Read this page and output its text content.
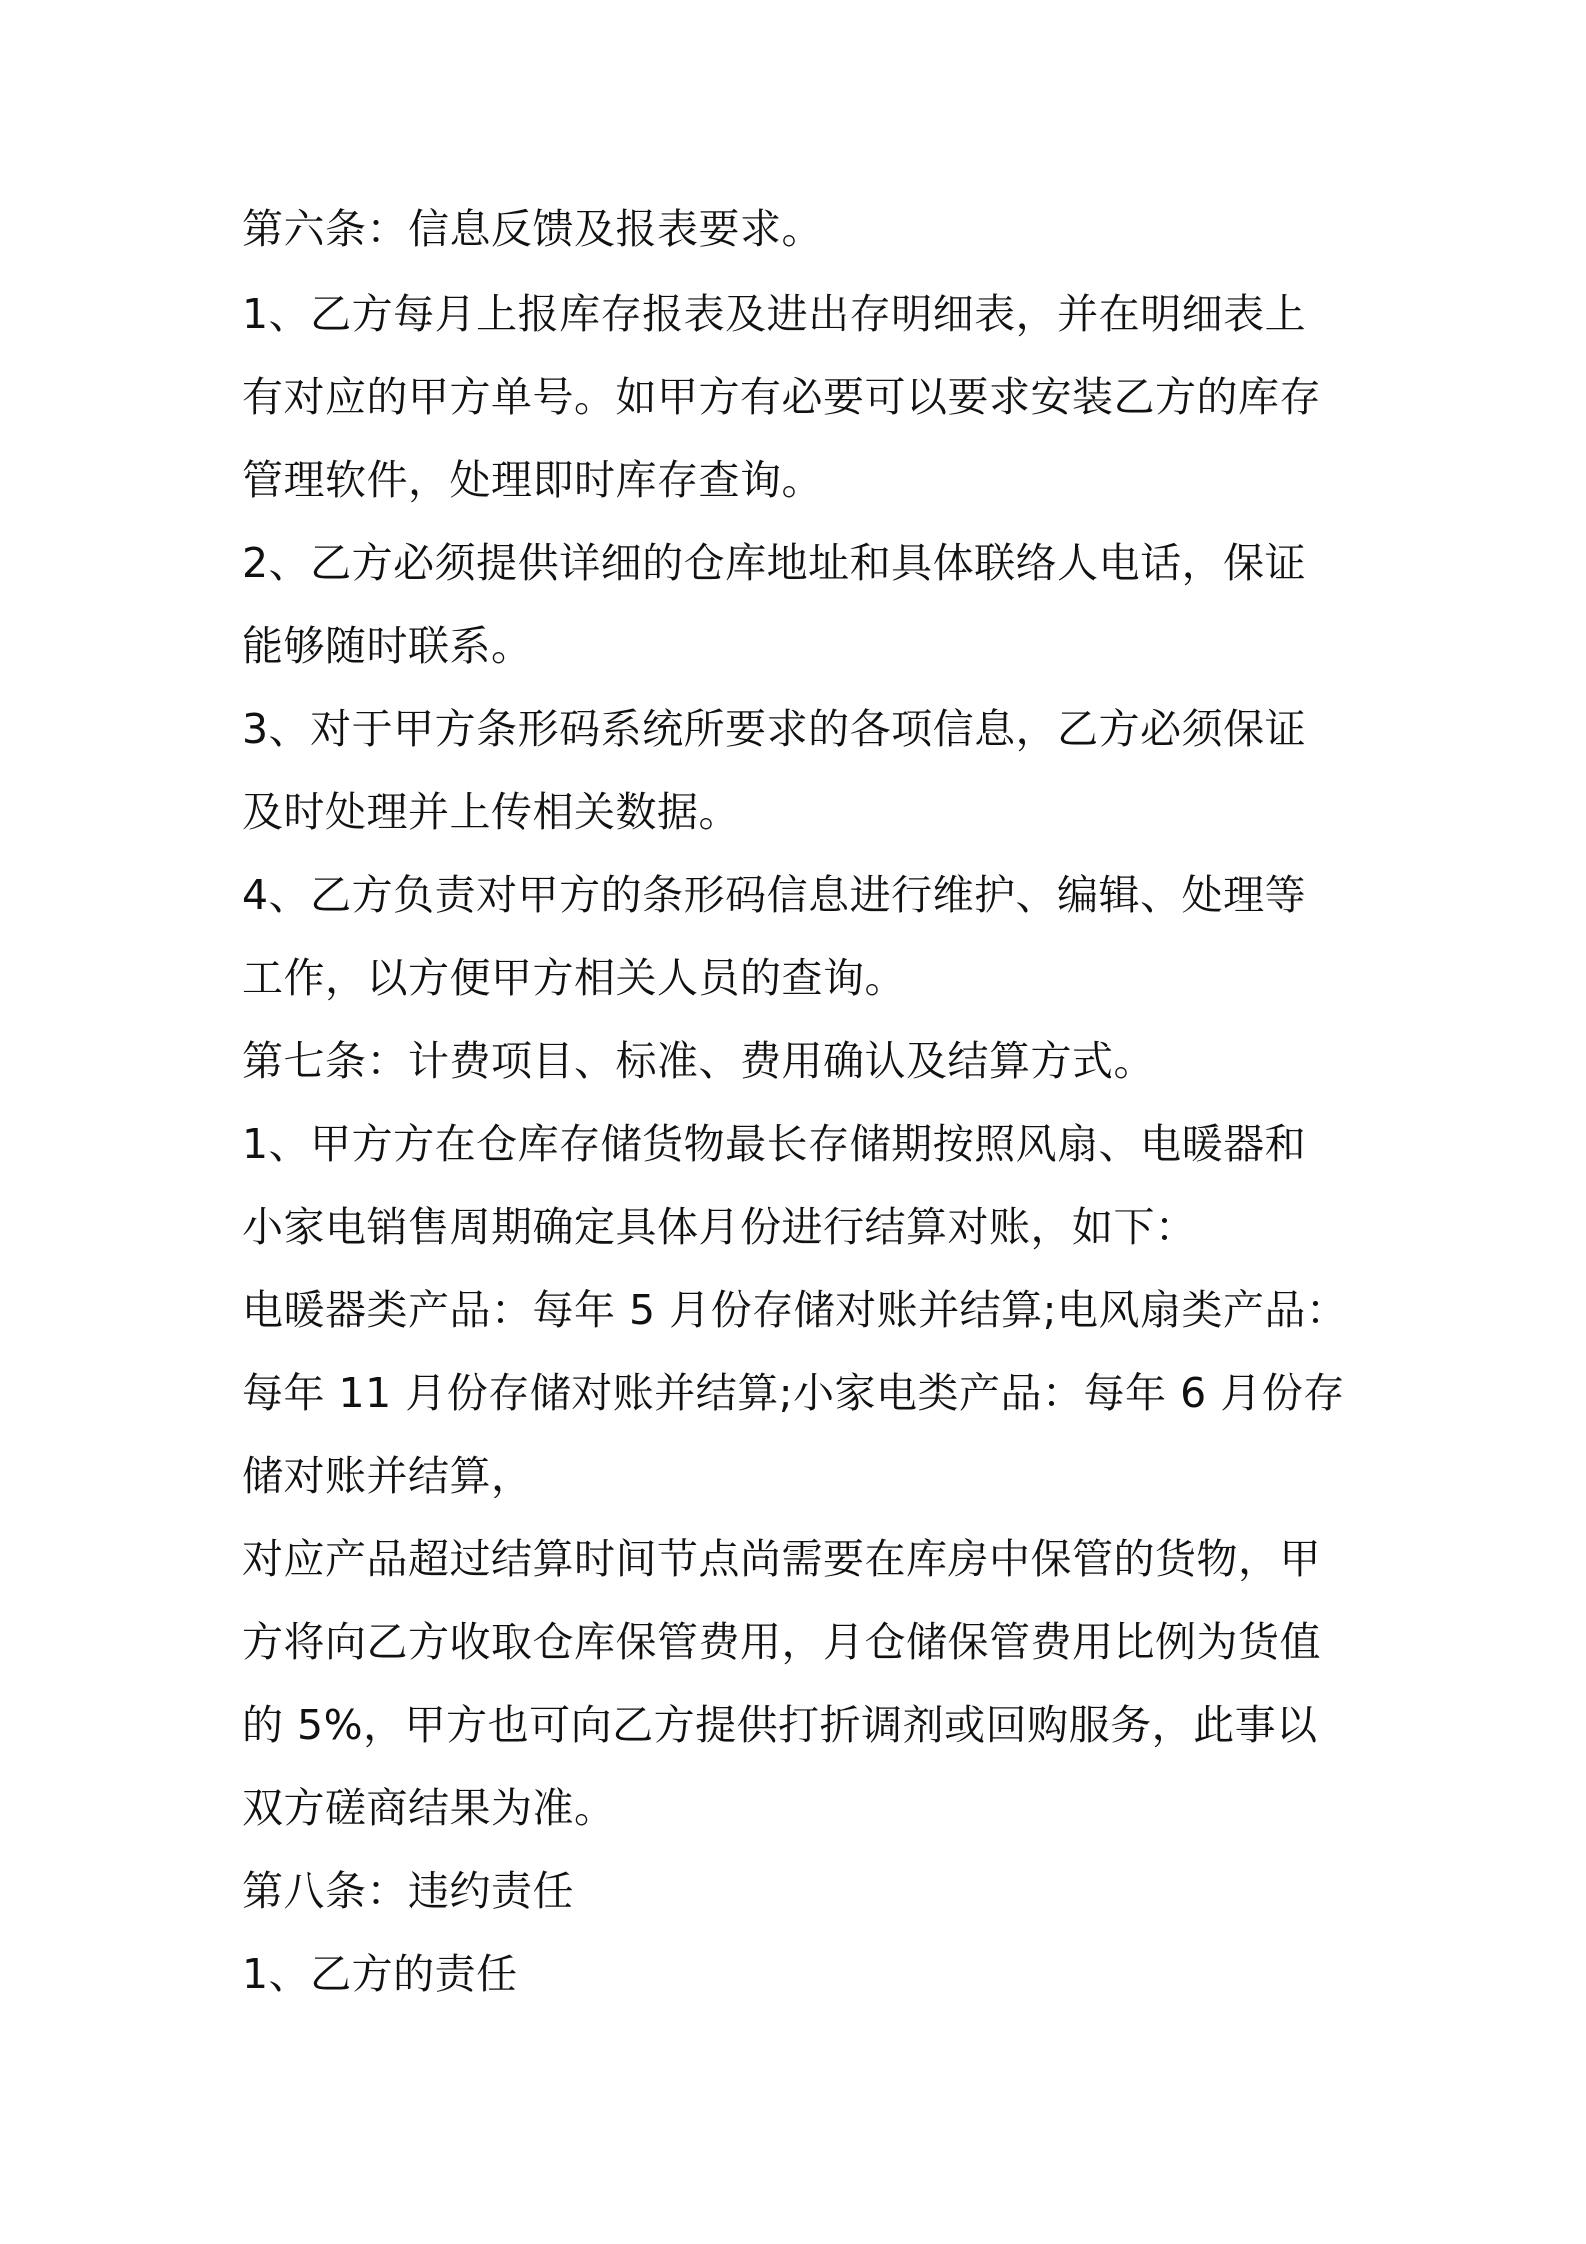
第六条：信息反馈及报表要求。
1、乙方每月上报库存报表及进出存明细表，并在明细表上
有对应的甲方单号。如甲方有必要可以要求安装乙方的库存
管理软件，处理即时库存查询。
2、乙方必须提供详细的仓库地址和具体联络人电话，保证
能够随时联系。
3、对于甲方条形码系统所要求的各项信息，乙方必须保证
及时处理并上传相关数据。
4、乙方负责对甲方的条形码信息进行维护、编辑、处理等
工作，以方便甲方相关人员的查询。
第七条：计费项目、标准、费用确认及结算方式。
1、甲方方在仓库存储货物最长存储期按照风扇、电暖器和
小家电销售周期确定具体月份进行结算对账，如下：
电暖器类产品：每年 5 月份存储对账并结算;电风扇类产品：
每年 11 月份存储对账并结算;小家电类产品：每年 6 月份存
储对账并结算，
对应产品超过结算时间节点尚需要在库房中保管的货物，甲
方将向乙方收取仓库保管费用，月仓储保管费用比例为货值
的 5%，甲方也可向乙方提供打折调剂或回购服务，此事以
双方磋商结果为准。
第八条：违约责任
1、乙方的责任
